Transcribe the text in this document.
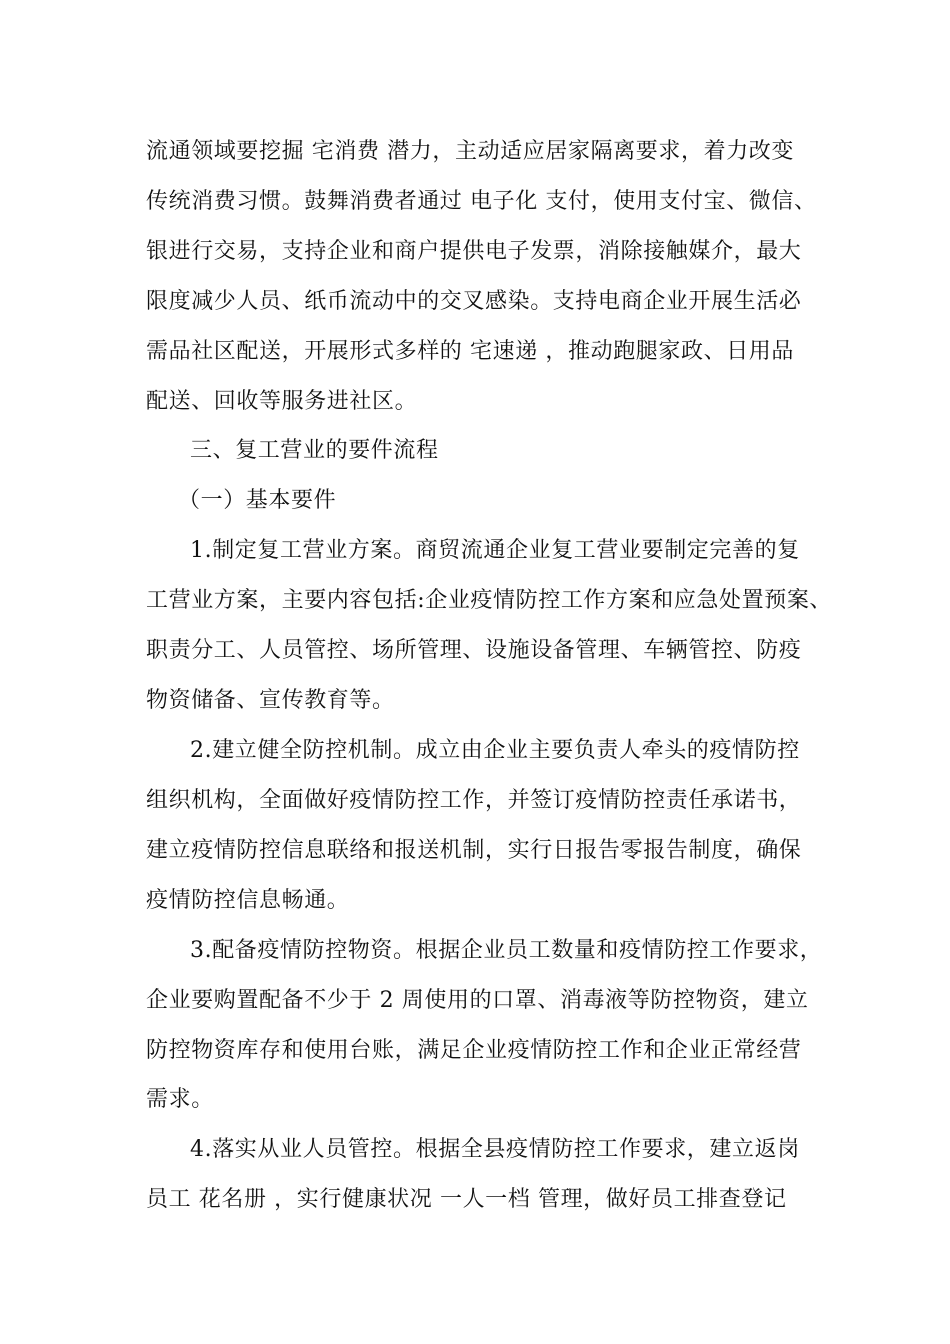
流通领域要挖掘 宅消费 潜力，主动适应居家隔离要求，着力改变
传统消费习惯。鼓舞消费者通过 电子化 支付，使用支付宝、微信、
银进行交易，支持企业和商户提供电子发票，消除接触媒介，最大
限度减少人员、纸币流动中的交叉感染。支持电商企业开展生活必
需品社区配送，开展形式多样的 宅速递 ，推动跑腿家政、日用品
配送、回收等服务进社区。
三、复工营业的要件流程
（一）基本要件
1.制定复工营业方案。商贸流通企业复工营业要制定完善的复
工营业方案，主要内容包括:企业疫情防控工作方案和应急处置预案、
职责分工、人员管控、场所管理、设施设备管理、车辆管控、防疫
物资储备、宣传教育等。
2.建立健全防控机制。成立由企业主要负责人牵头的疫情防控
组织机构，全面做好疫情防控工作，并签订疫情防控责任承诺书，
建立疫情防控信息联络和报送机制，实行日报告零报告制度，确保
疫情防控信息畅通。
3.配备疫情防控物资。根据企业员工数量和疫情防控工作要求，
企业要购置配备不少于 2 周使用的口罩、消毒液等防控物资，建立
防控物资库存和使用台账，满足企业疫情防控工作和企业正常经营
需求。
4.落实从业人员管控。根据全县疫情防控工作要求，建立返岗
员工 花名册 ，实行健康状况 一人一档 管理，做好员工排查登记
